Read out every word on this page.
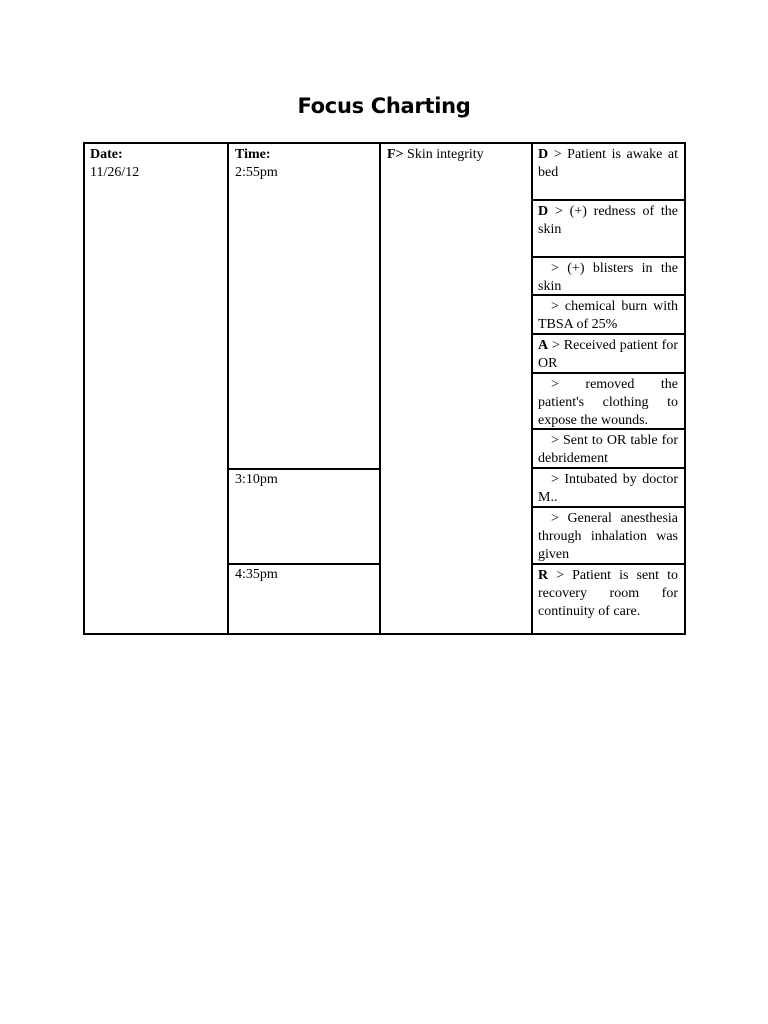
Focus Charting
Date:
11/26/12
Time:
2:55pm
3:10pm
4:35pm
F> Skin integrity	D > Patient is awake at bed
D > (+) redness of the skin
> (+) blisters in the skin
> chemical burn with TBSA of 25%
A > Received patient for OR
> removed the patient's clothing to expose the wounds.
> Sent to OR table for debridement
> Intubated by doctor M..
> General anesthesia through inhalation was given
R > Patient is sent to recovery room for continuity of care.
